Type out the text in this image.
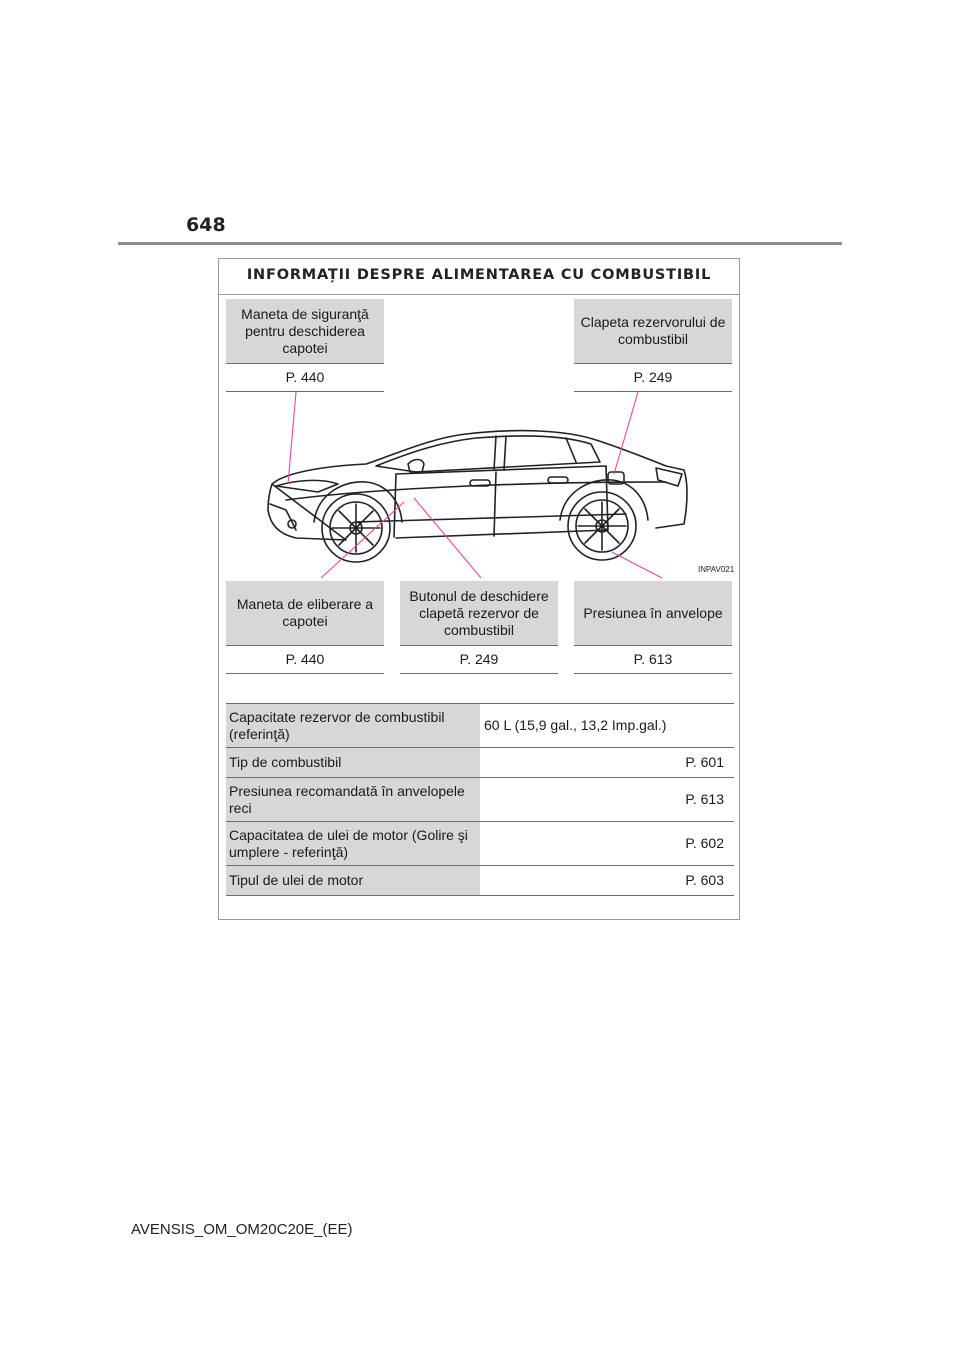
648
INFORMAȚII DESPRE ALIMENTAREA CU COMBUSTIBIL
Maneta de siguranţă pentru deschiderea capotei
P. 440
Clapeta rezervorului de combustibil
P. 249
INPAV021
Maneta de eliberare a capotei
P. 440
Butonul de deschidere clapetă rezervor de combustibil
P. 249
Presiunea în anvelope
P. 613
Capacitate rezervor de combustibil (referinţă)	60 L (15,9 gal., 13,2 Imp.gal.)
Tip de combustibil	P. 601
Presiunea recomandată în anvelopele reci	P. 613
Capacitatea de ulei de motor (Golire şi umplere - referinţă)	P. 602
Tipul de ulei de motor	P. 603
AVENSIS_OM_OM20C20E_(EE)
